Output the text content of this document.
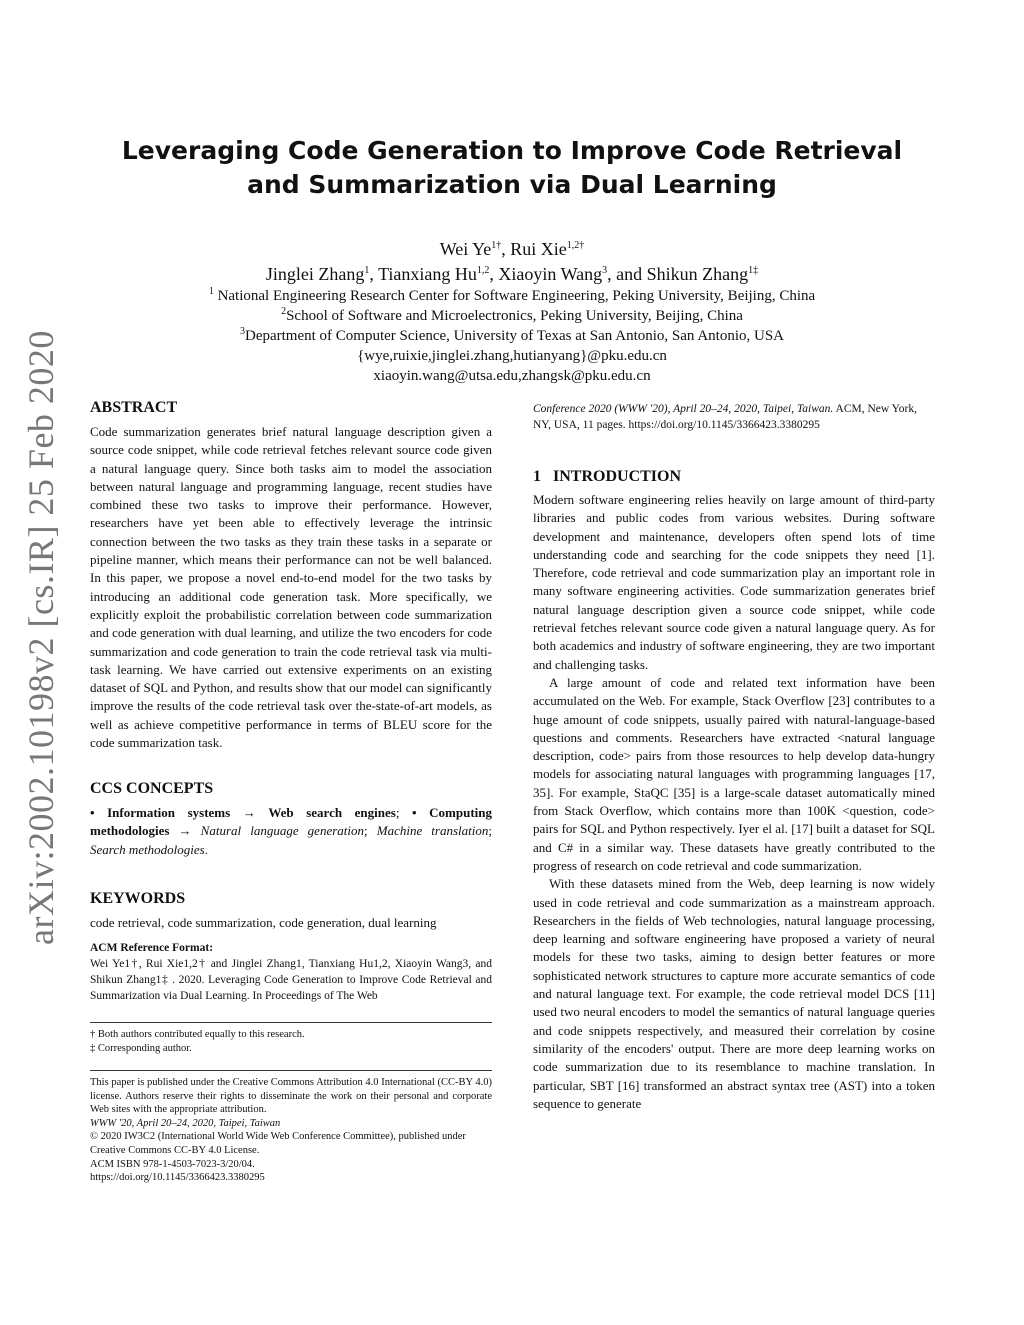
arXiv:2002.10198v2 [cs.IR] 25 Feb 2020
Leveraging Code Generation to Improve Code Retrieval and Summarization via Dual Learning
Wei $Ye^{1\dagger}$, Rui Xie$^{1,2\dagger}$
Jinglei Zhang$^1$, Tianxiang Hu$^{1,2}$, Xiaoyin Wang$^3$, and Shikun Zhang$^{1\ddagger}$
$^1$ National Engineering Research Center for Software Engineering, Peking University, Beijing, China
$^2$School of Software and Microelectronics, Peking University, Beijing, China
$^3$Department of Computer Science, University of Texas at San Antonio, San Antonio, USA
{wye,ruixie,jinglei.zhang,hutianyang}@pku.edu.cn
xiaoyin.wang@utsa.edu,zhangsk@pku.edu.cn
ABSTRACT

Code summarization generates brief natural language description given a source code snippet, while code retrieval fetches relevant source code given a natural language query. Since both tasks aim to model the association between natural language and programming language, recent studies have combined these two tasks to improve their performance. However, researchers have yet been able to effectively leverage the intrinsic connection between the two tasks as they train these tasks in a separate or pipeline manner, which means their performance can not be well balanced. In this paper, we propose a novel end-to-end model for the two tasks by introducing an additional code generation task. More specifically, we explicitly exploit the probabilistic correlation between code summarization and code generation with dual learning, and utilize the two encoders for code summarization and code generation to train the code retrieval task via multi-task learning. We have carried out extensive experiments on an existing dataset of SQL and Python, and results show that our model can significantly improve the results of the code retrieval task over the-state-of-art models, as well as achieve competitive performance in terms of BLEU score for the code summarization task.

CCS CONCEPTS

• Information systems → Web search engines; • Computing methodologies → Natural language generation; Machine translation; Search methodologies.

KEYWORDS

code retrieval, code summarization, code generation, dual learning

ACM Reference Format:

Wei Ye1†, Rui Xie1,2† and Jinglei Zhang1, Tianxiang Hu1,2, Xiaoyin Wang3, and Shikun Zhang1‡ . 2020. Leveraging Code Generation to Improve Code Retrieval and Summarization via Dual Learning. In Proceedings of The Web

† Both authors contributed equally to this research.
‡ Corresponding author.

This paper is published under the Creative Commons Attribution 4.0 International (CC-BY 4.0) license. Authors reserve their rights to disseminate the work on their personal and corporate Web sites with the appropriate attribution.

WWW '20, April 20–24, 2020, Taipei, Taiwan
© 2020 IW3C2 (International World Wide Web Conference Committee), published under Creative Commons CC-BY 4.0 License.
ACM ISBN 978-1-4503-7023-3/20/04.
https://doi.org/10.1145/3366423.3380295
Conference 2020 (WWW '20), April 20–24, 2020, Taipei, Taiwan. ACM, New York, NY, USA, 11 pages. https://doi.org/10.1145/3366423.3380295
1   INTRODUCTION

Modern software engineering relies heavily on large amount of third-party libraries and public codes from various websites. During software development and maintenance, developers often spend lots of time understanding code and searching for the code snippets they need [1]. Therefore, code retrieval and code summarization play an important role in many software engineering activities. Code summarization generates brief natural language description given a source code snippet, while code retrieval fetches relevant source code given a natural language query. As for both academics and industry of software engineering, they are two important and challenging tasks.

A large amount of code and related text information have been accumulated on the Web. For example, Stack Overflow [23] contributes to a huge amount of code snippets, usually paired with natural-language-based questions and comments. Researchers have extracted <natural language description, code> pairs from those resources to help develop data-hungry models for associating natural languages with programming languages [17, 35]. For example, StaQC [35] is a large-scale dataset automatically mined from Stack Overflow, which contains more than 100K <question, code> pairs for SQL and Python respectively. Iyer el al. [17] built a dataset for SQL and C# in a similar way. These datasets have greatly contributed to the progress of research on code retrieval and code summarization.

With these datasets mined from the Web, deep learning is now widely used in code retrieval and code summarization as a mainstream approach. Researchers in the fields of Web technologies, natural language processing, deep learning and software engineering have proposed a variety of neural models for these two tasks, aiming to design better features or more sophisticated network structures to capture more accurate semantics of code and natural language text. For example, the code retrieval model DCS [11] used two neural encoders to model the semantics of natural language queries and code snippets respectively, and measured their correlation by cosine similarity of the encoders' output. There are more deep learning works on code summarization due to its resemblance to machine translation. In particular, SBT [16] transformed an abstract syntax tree (AST) into a token sequence to generate
